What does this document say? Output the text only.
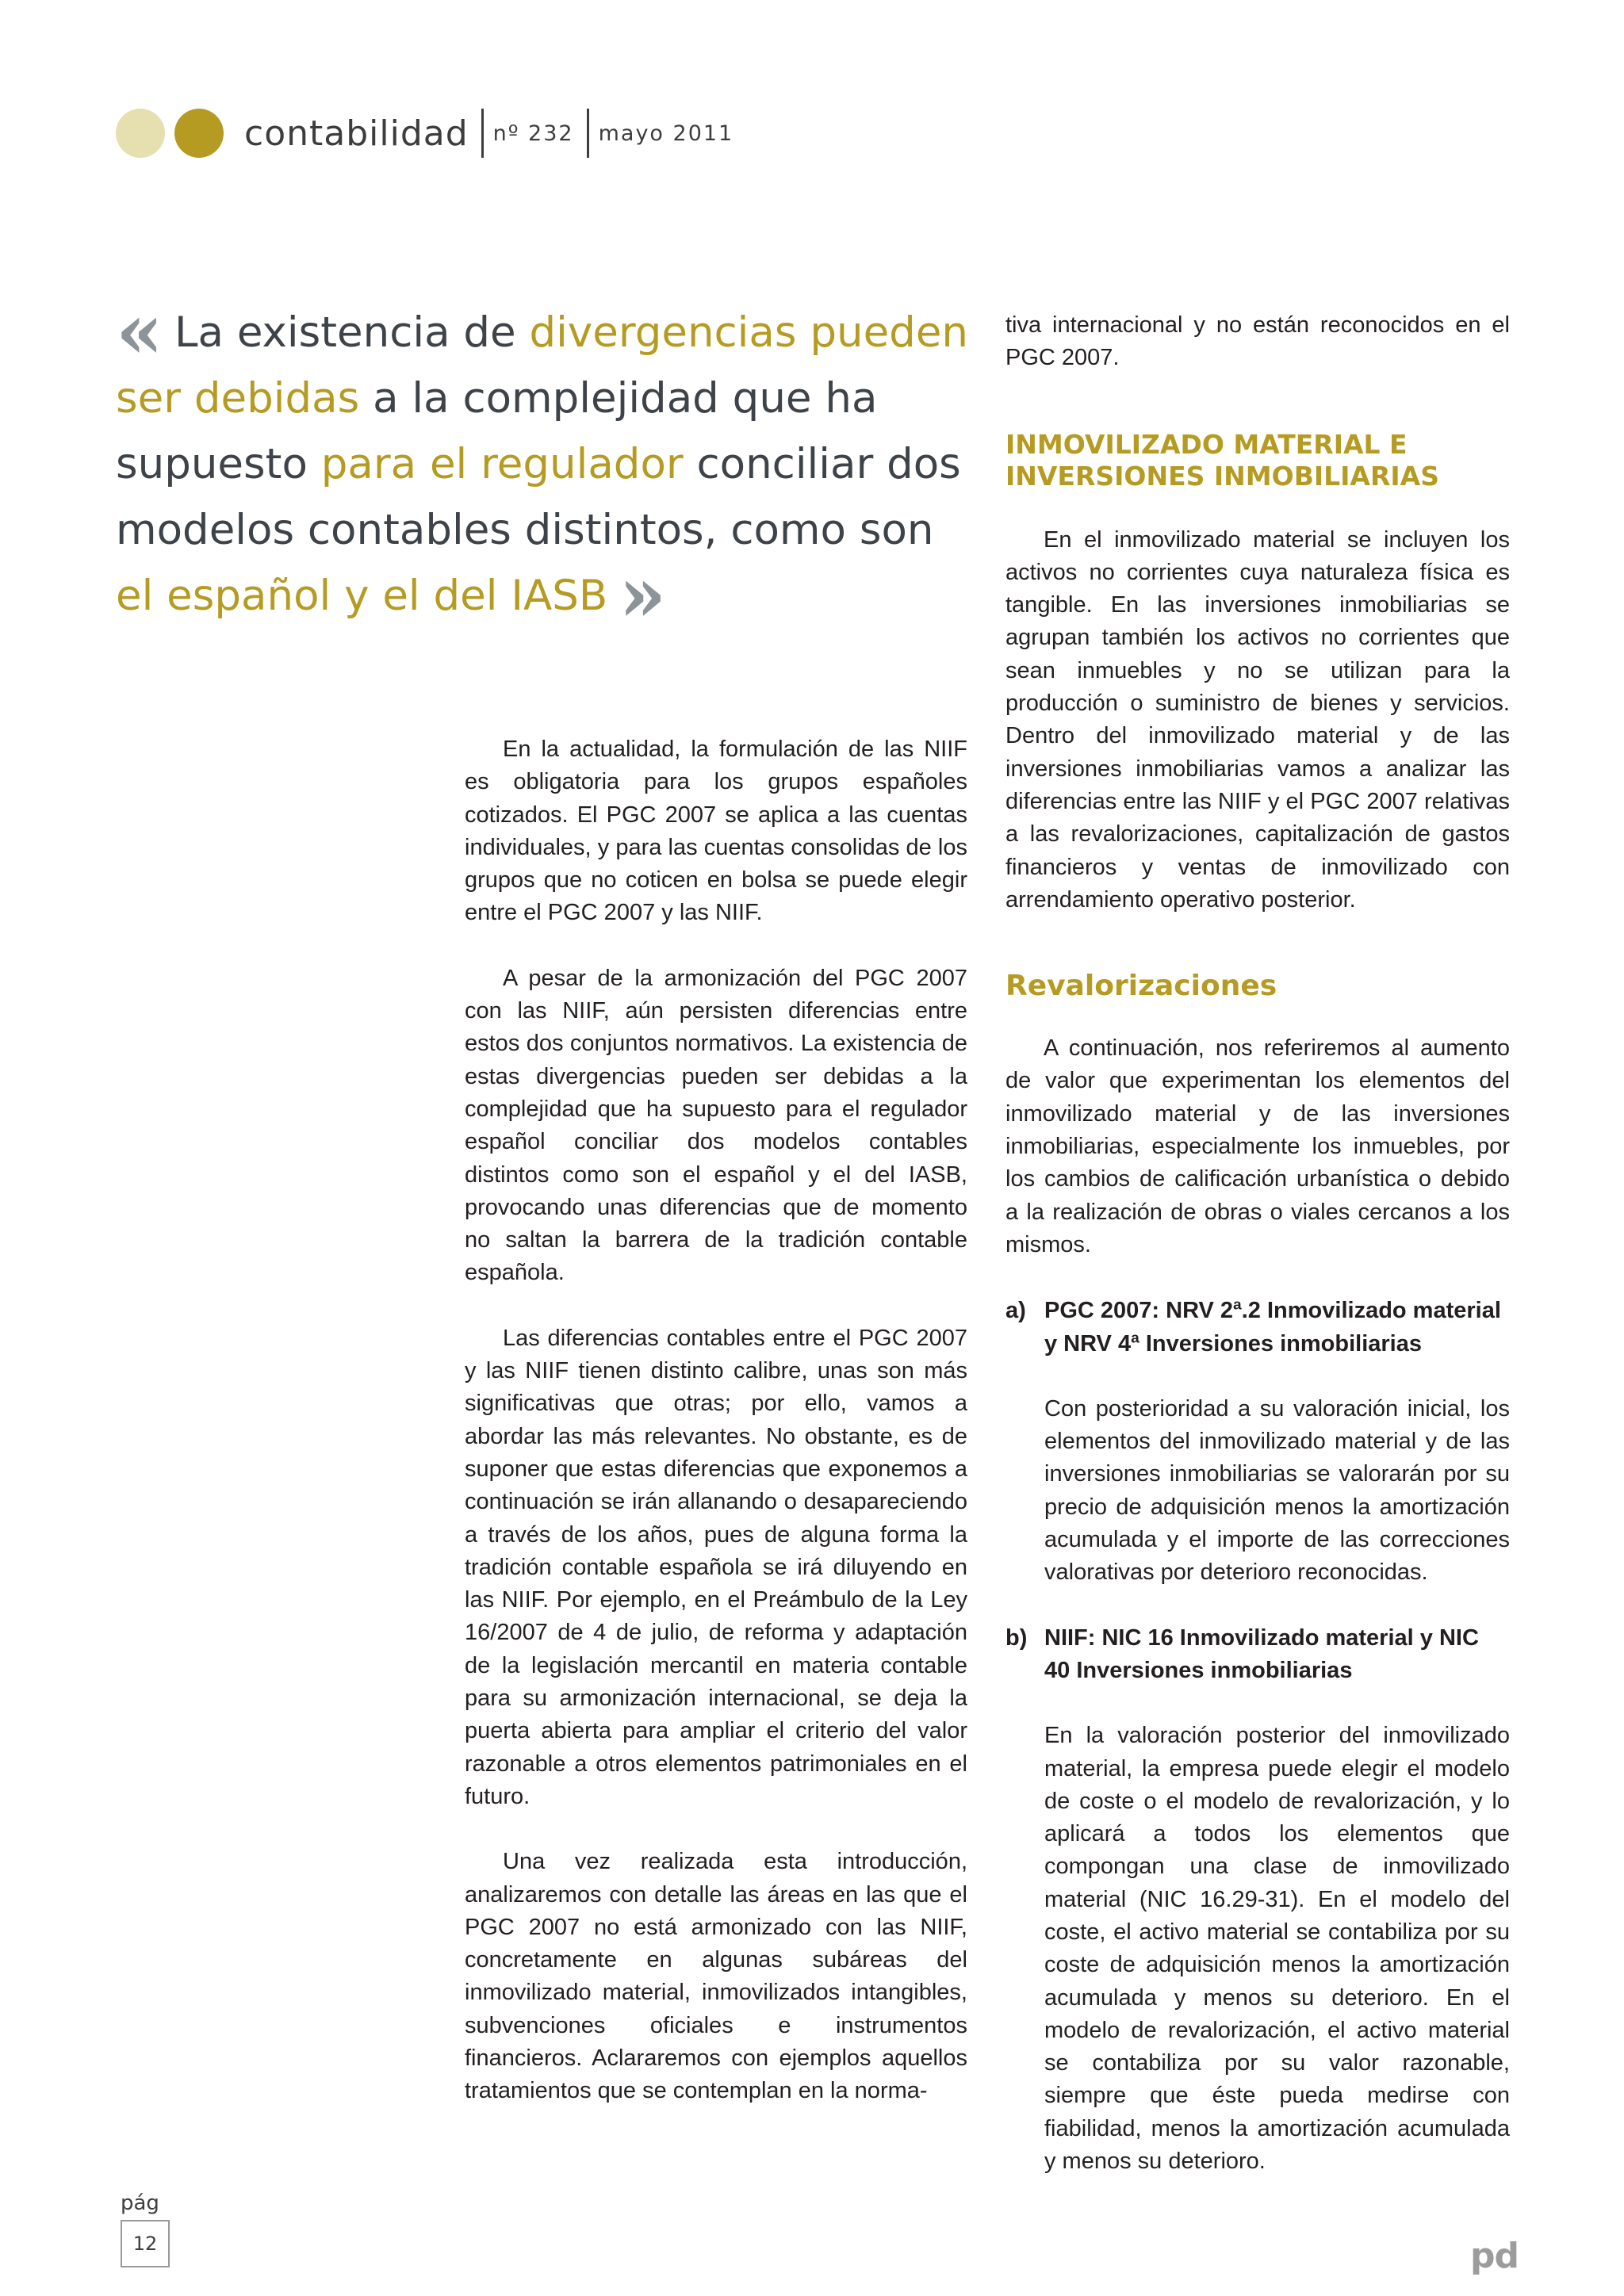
contabilidad nº 232 mayo 2011
« La existencia de divergencias pueden ser debidas a la complejidad que ha supuesto para el regulador conciliar dos modelos contables distintos, como son el español y el del IASB »

En la actualidad, la formulación de las NIIF es obligatoria para los grupos españoles cotizados. El PGC 2007 se aplica a las cuentas individuales, y para las cuentas consolidas de los grupos que no coticen en bolsa se puede elegir entre el PGC 2007 y las NIIF.

A pesar de la armonización del PGC 2007 con las NIIF, aún persisten diferencias entre estos dos conjuntos normativos. La existencia de estas divergencias pueden ser debidas a la complejidad que ha supuesto para el regulador español conciliar dos modelos contables distintos como son el español y el del IASB, provocando unas diferencias que de momento no saltan la barrera de la tradición contable española.

Las diferencias contables entre el PGC 2007 y las NIIF tienen distinto calibre, unas son más significativas que otras; por ello, vamos a abordar las más relevantes. No obstante, es de suponer que estas diferencias que exponemos a continuación se irán allanando o desapareciendo a través de los años, pues de alguna forma la tradición contable española se irá diluyendo en las NIIF. Por ejemplo, en el Preámbulo de la Ley 16/2007 de 4 de julio, de reforma y adaptación de la legislación mercantil en materia contable para su armonización internacional, se deja la puerta abierta para ampliar el criterio del valor razonable a otros elementos patrimoniales en el futuro.

Una vez realizada esta introducción, analizaremos con detalle las áreas en las que el PGC 2007 no está armonizado con las NIIF, concretamente en algunas subáreas del inmovilizado material, inmovilizados intangibles, subvenciones oficiales e instrumentos financieros. Aclararemos con ejemplos aquellos tratamientos que se contemplan en la norma-

tiva internacional y no están reconocidos en el PGC 2007.

INMOVILIZADO MATERIAL E INVERSIONES INMOBILIARIAS

En el inmovilizado material se incluyen los activos no corrientes cuya naturaleza física es tangible. En las inversiones inmobiliarias se agrupan también los activos no corrientes que sean inmuebles y no se utilizan para la producción o suministro de bienes y servicios. Dentro del inmovilizado material y de las inversiones inmobiliarias vamos a analizar las diferencias entre las NIIF y el PGC 2007 relativas a las revalorizaciones, capitalización de gastos financieros y ventas de inmovilizado con arrendamiento operativo posterior.

Revalorizaciones

A continuación, nos referiremos al aumento de valor que experimentan los elementos del inmovilizado material y de las inversiones inmobiliarias, especialmente los inmuebles, por los cambios de calificación urbanística o debido a la realización de obras o viales cercanos a los mismos.

a) PGC 2007: NRV 2ª.2 Inmovilizado material y NRV 4ª Inversiones inmobiliarias

Con posterioridad a su valoración inicial, los elementos del inmovilizado material y de las inversiones inmobiliarias se valorarán por su precio de adquisición menos la amortización acumulada y el importe de las correcciones valorativas por deterioro reconocidas.

b) NIIF: NIC 16 Inmovilizado material y NIC 40 Inversiones inmobiliarias

En la valoración posterior del inmovilizado material, la empresa puede elegir el modelo de coste o el modelo de revalorización, y lo aplicará a todos los elementos que compongan una clase de inmovilizado material (NIC 16.29-31). En el modelo del coste, el activo material se contabiliza por su coste de adquisición menos la amortización acumulada y menos su deterioro. En el modelo de revalorización, el activo material se contabiliza por su valor razonable, siempre que éste pueda medirse con fiabilidad, menos la amortización acumulada y menos su deterioro.

pág
12	pd
